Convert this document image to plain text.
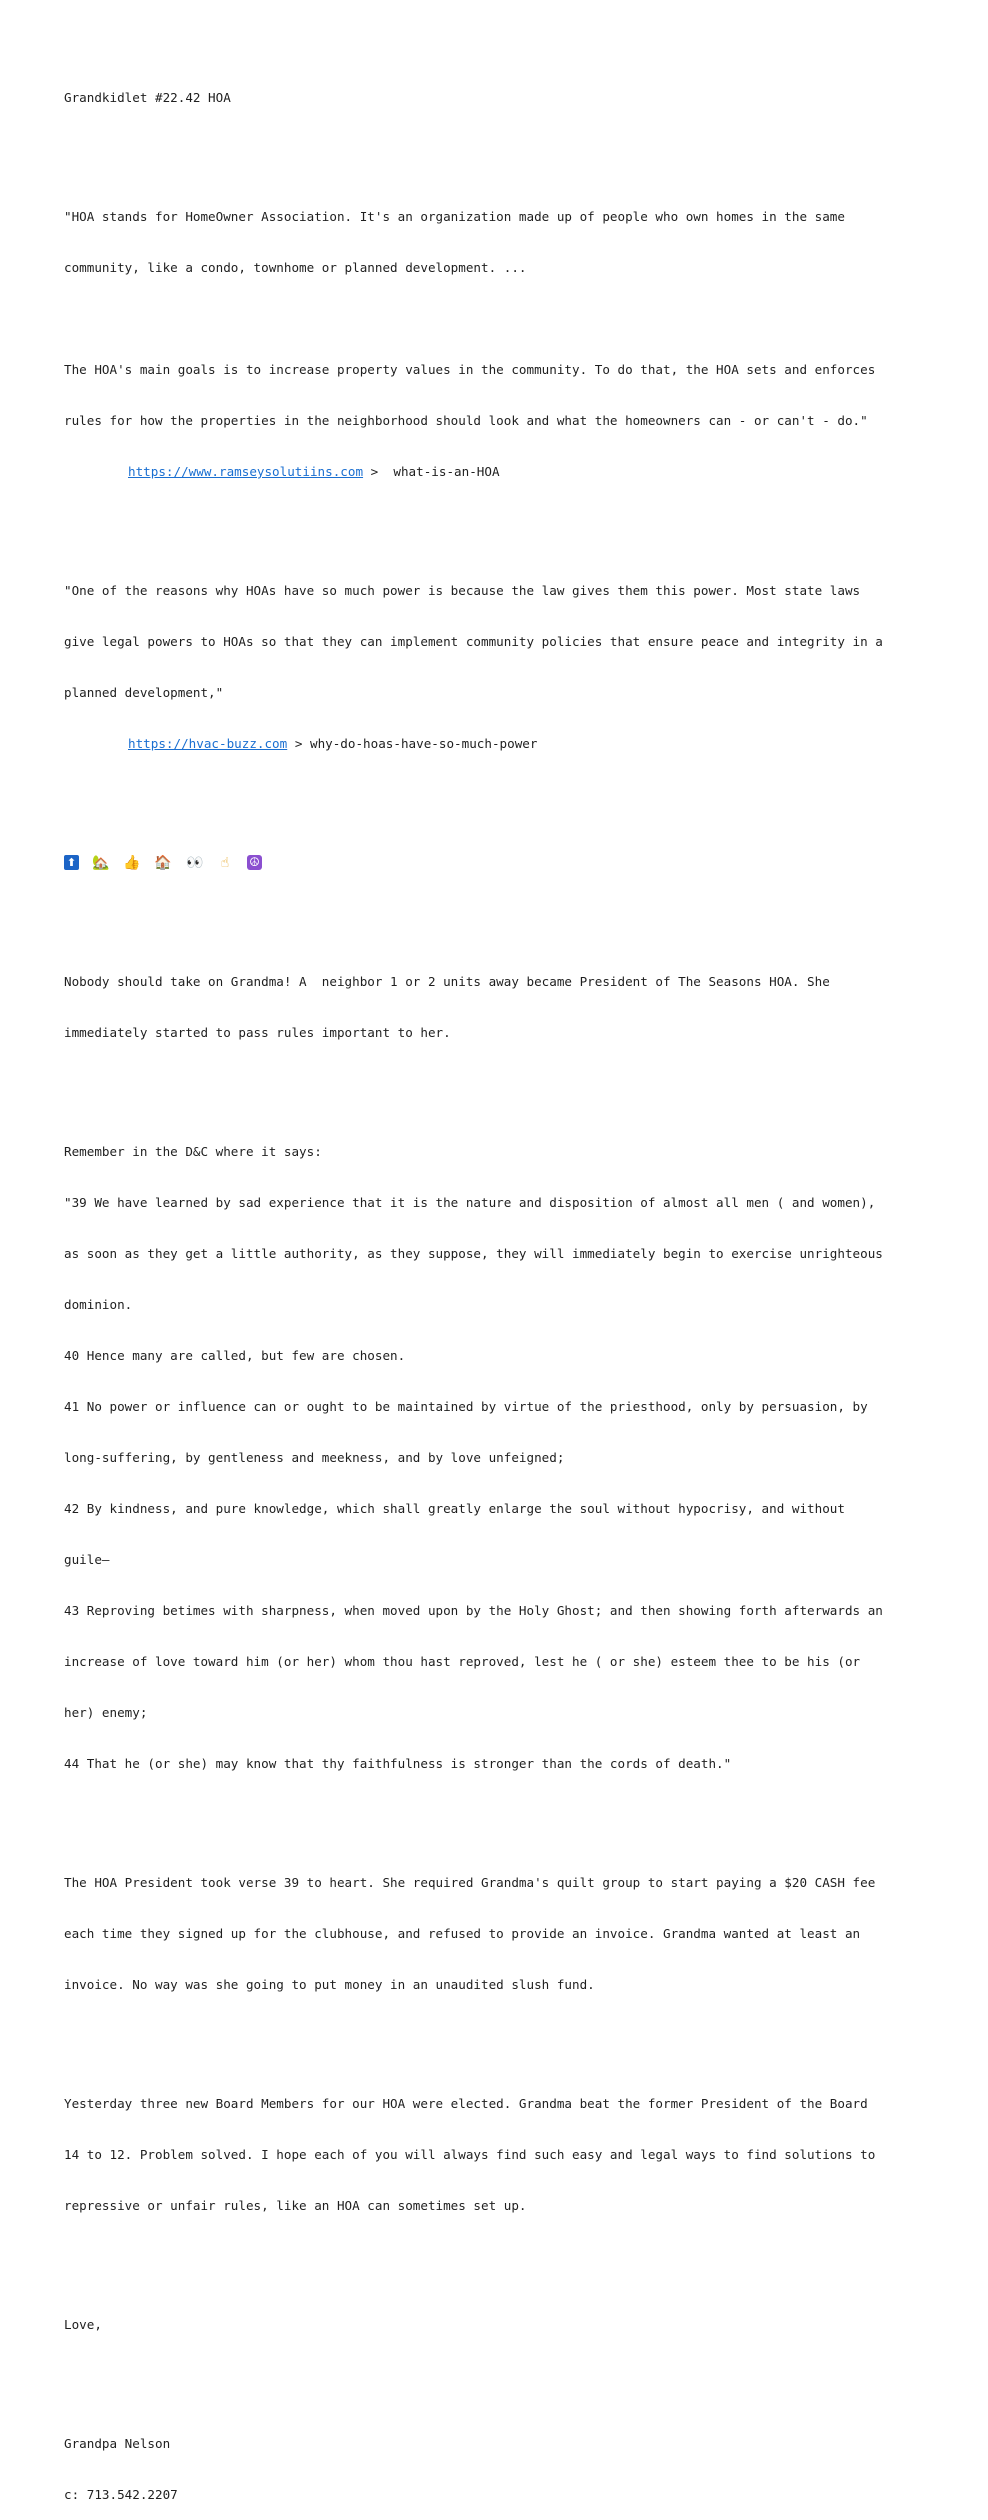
Grandkidlet #22.42 HOA

"HOA stands for HomeOwner Association. It's an organization made up of people who own homes in the same

community, like a condo, townhome or planned development. ...

The HOA's main goals is to increase property values in the community. To do that, the HOA sets and enforces

rules for how the properties in the neighborhood should look and what the homeowners can - or can't - do."

https://www.ramseysolutiins.com >  what-is-an-HOA

"One of the reasons why HOAs have so much power is because the law gives them this power. Most state laws

give legal powers to HOAs so that they can implement community policies that ensure peace and integrity in a

planned development,"

https://hvac-buzz.com > why-do-hoas-have-so-much-power

⬆ 🏡 👍 🏠 👀	☝	☮

Nobody should take on Grandma! A  neighbor 1 or 2 units away became President of The Seasons HOA. She

immediately started to pass rules important to her.

Remember in the D&C where it says:

"39 We have learned by sad experience that it is the nature and disposition of almost all men ( and women),

as soon as they get a little authority, as they suppose, they will immediately begin to exercise unrighteous

dominion.

40 Hence many are called, but few are chosen.

41 No power or influence can or ought to be maintained by virtue of the priesthood, only by persuasion, by

long-suffering, by gentleness and meekness, and by love unfeigned;

42 By kindness, and pure knowledge, which shall greatly enlarge the soul without hypocrisy, and without

guile—

43 Reproving betimes with sharpness, when moved upon by the Holy Ghost; and then showing forth afterwards an

increase of love toward him (or her) whom thou hast reproved, lest he ( or she) esteem thee to be his (or

her) enemy;

44 That he (or she) may know that thy faithfulness is stronger than the cords of death."

The HOA President took verse 39 to heart. She required Grandma's quilt group to start paying a $20 CASH fee

each time they signed up for the clubhouse, and refused to provide an invoice. Grandma wanted at least an

invoice. No way was she going to put money in an unaudited slush fund.

Yesterday three new Board Members for our HOA were elected. Grandma beat the former President of the Board

14 to 12. Problem solved. I hope each of you will always find such easy and legal ways to find solutions to

repressive or unfair rules, like an HOA can sometimes set up.

Love,

Grandpa Nelson

c: 713.542.2207
